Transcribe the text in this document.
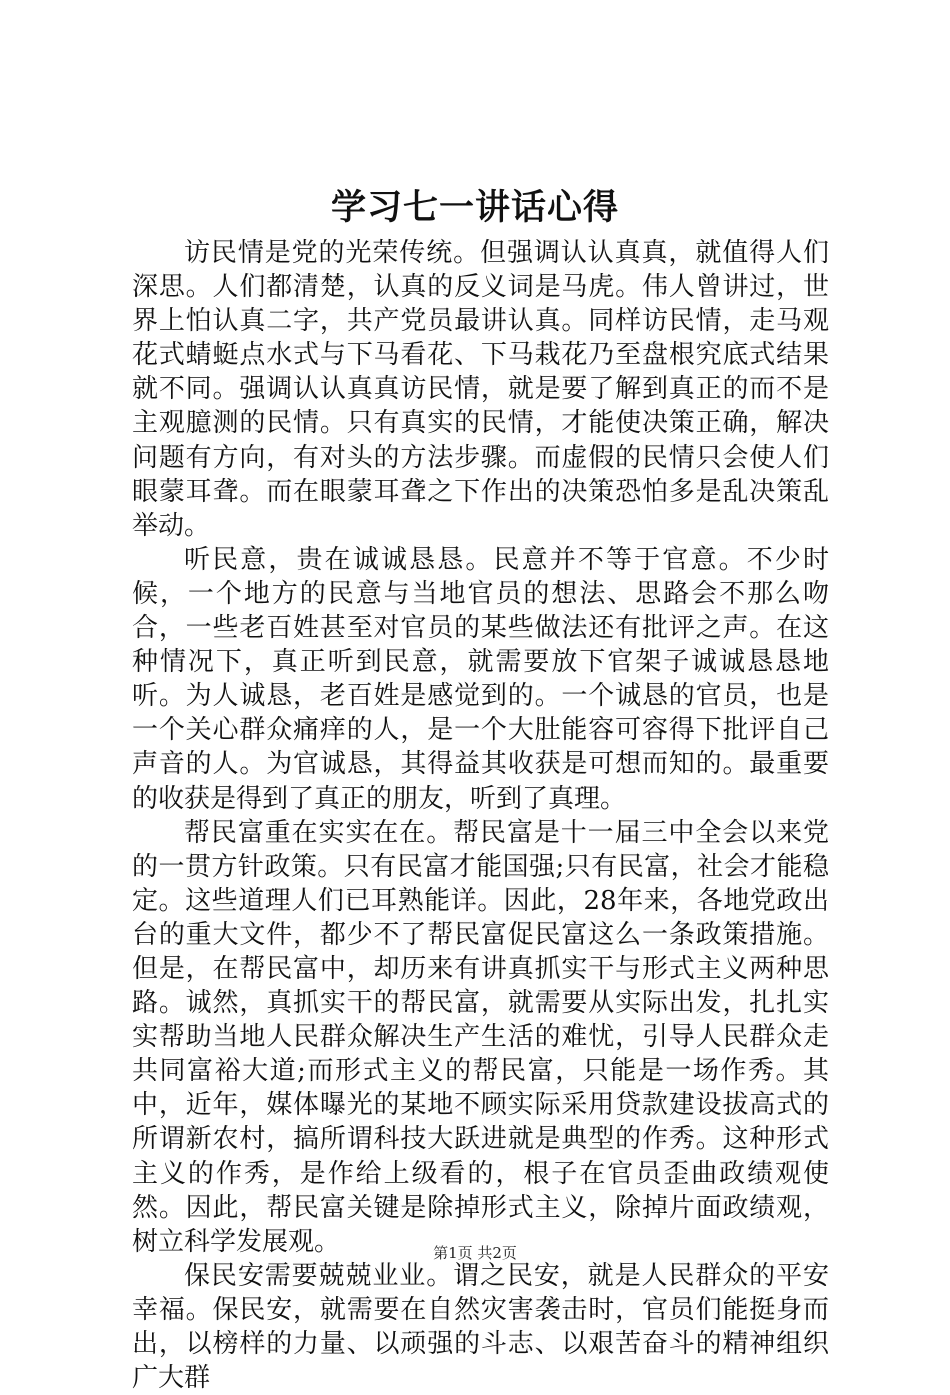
学习七一讲话心得

访民情是党的光荣传统。但强调认认真真，就值得人们深思。人们都清楚，认真的反义词是马虎。伟人曾讲过，世界上怕认真二字，共产党员最讲认真。同样访民情，走马观花式蜻蜓点水式与下马看花、下马栽花乃至盘根究底式结果就不同。强调认认真真访民情，就是要了解到真正的而不是主观臆测的民情。只有真实的民情，才能使决策正确，解决问题有方向，有对头的方法步骤。而虚假的民情只会使人们眼蒙耳聋。而在眼蒙耳聋之下作出的决策恐怕多是乱决策乱举动。

听民意，贵在诚诚恳恳。民意并不等于官意。不少时候，一个地方的民意与当地官员的想法、思路会不那么吻合，一些老百姓甚至对官员的某些做法还有批评之声。在这种情况下，真正听到民意，就需要放下官架子诚诚恳恳地听。为人诚恳，老百姓是感觉到的。一个诚恳的官员，也是一个关心群众痛痒的人，是一个大肚能容可容得下批评自己声音的人。为官诚恳，其得益其收获是可想而知的。最重要的收获是得到了真正的朋友，听到了真理。

帮民富重在实实在在。帮民富是十一届三中全会以来党的一贯方针政策。只有民富才能国强;只有民富，社会才能稳定。这些道理人们已耳熟能详。因此，28年来，各地党政出台的重大文件，都少不了帮民富促民富这么一条政策措施。但是，在帮民富中，却历来有讲真抓实干与形式主义两种思路。诚然，真抓实干的帮民富，就需要从实际出发，扎扎实实帮助当地人民群众解决生产生活的难忧，引导人民群众走共同富裕大道;而形式主义的帮民富，只能是一场作秀。其中，近年，媒体曝光的某地不顾实际采用贷款建设拔高式的所谓新农村，搞所谓科技大跃进就是典型的作秀。这种形式主义的作秀，是作给上级看的，根子在官员歪曲政绩观使然。因此，帮民富关键是除掉形式主义，除掉片面政绩观，树立科学发展观。

保民安需要兢兢业业。谓之民安，就是人民群众的平安幸福。保民安，就需要在自然灾害袭击时，官员们能挺身而出，以榜样的力量、以顽强的斗志、以艰苦奋斗的精神组织广大群

第1页 共2页
